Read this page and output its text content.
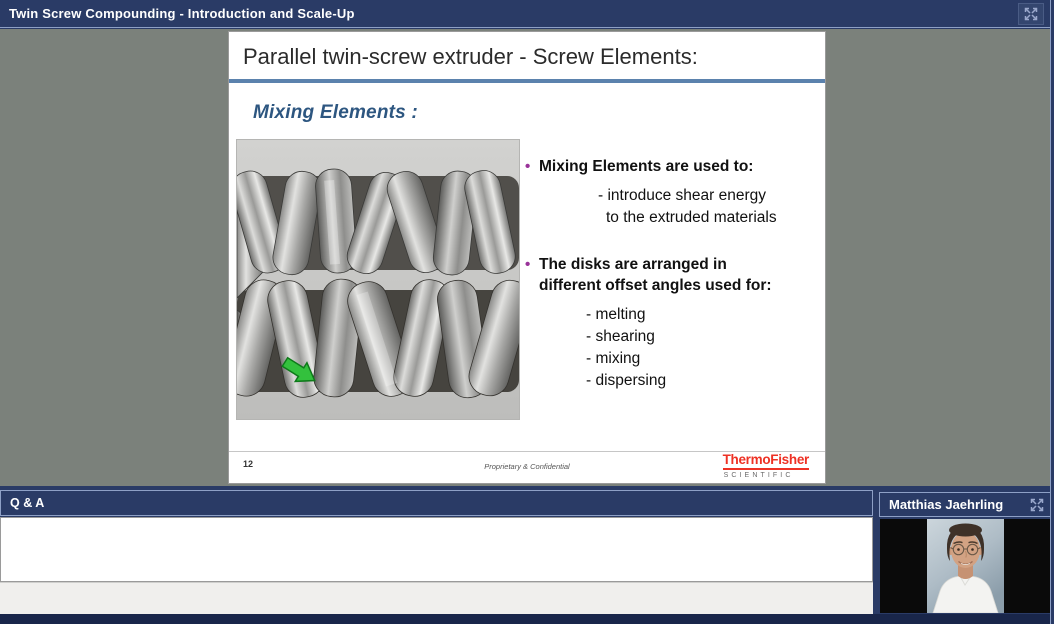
Twin Screw Compounding - Introduction and Scale-Up
Parallel twin-screw extruder - Screw Elements:
Mixing Elements :
• Mixing Elements are used to:
- introduce shear energy
to the extruded materials
• The disks are arranged in
different offset angles used for:
- melting
- shearing
- mixing
- dispersing
12	Proprietary & Confidential	ThermoFisher
SCIENTIFIC
Q & A	Matthias Jaehrling
